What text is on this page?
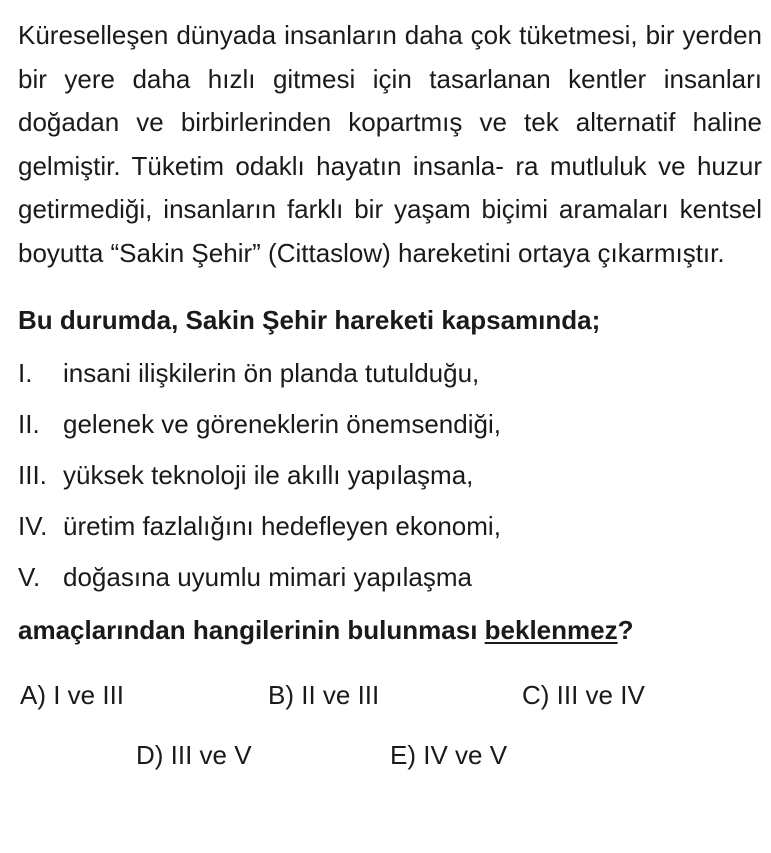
Küreselleşen dünyada insanların daha çok tüketmesi, bir yerden bir yere daha hızlı gitmesi için tasarlanan kentler insanları doğadan ve birbirlerinden kopartmış ve tek alternatif haline gelmiştir. Tüketim odaklı hayatın insanla- ra mutluluk ve huzur getirmediği, insanların farklı bir yaşam biçimi aramaları kentsel boyutta “Sakin Şehir” (Cittaslow) hareketini ortaya çıkarmıştır.

Bu durumda, Sakin Şehir hareketi kapsamında;

I.	insani ilişkilerin ön planda tutulduğu,
II. gelenek ve göreneklerin önemsendiği,
III. yüksek teknoloji ile akıllı yapılaşma,
IV. üretim fazlalığını hedefleyen ekonomi,
V. doğasına uyumlu mimari yapılaşma

amaçlarından hangilerinin bulunması beklenmez?

A) I ve III	B) II ve III	C) III ve IV
D) III ve V	E) IV ve V
